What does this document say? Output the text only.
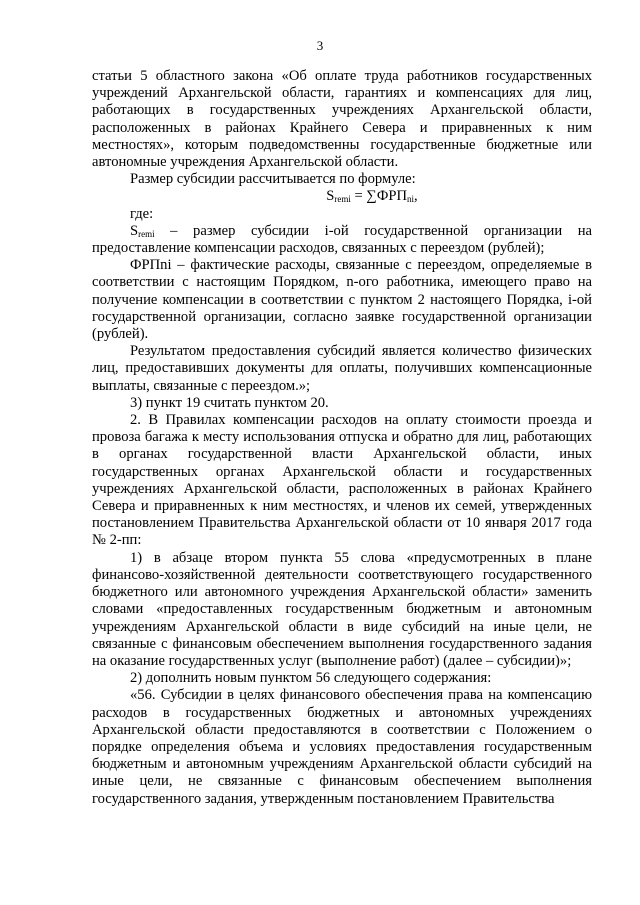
3

статьи 5 областного закона «Об оплате труда работников государственных учреждений Архангельской области, гарантиях и компенсациях для лиц, работающих в государственных учреждениях Архангельской области, расположенных в районах Крайнего Севера и приравненных к ним местностях», которым подведомственны государственные бюджетные или автономные учреждения Архангельской области.

Размер субсидии рассчитывается по формуле:

$S_{remi} = \sum ФРП_{ni}$,

где:

$S_{remi}$ – размер субсидии i-ой государственной организации на предоставление компенсации расходов, связанных с переездом (рублей);

ФРПni – фактические расходы, связанные с переездом, определяемые в соответствии с настоящим Порядком, n-ого работника, имеющего право на получение компенсации в соответствии с пунктом 2 настоящего Порядка, i-ой государственной организации, согласно заявке государственной организации (рублей).

Результатом предоставления субсидий является количество физических лиц, предоставивших документы для оплаты, получивших компенсационные выплаты, связанные с переездом.»;

3) пункт 19 считать пунктом 20.

2. В Правилах компенсации расходов на оплату стоимости проезда и провоза багажа к месту использования отпуска и обратно для лиц, работающих в органах государственной власти Архангельской области, иных государственных органах Архангельской области и государственных учреждениях Архангельской области, расположенных в районах Крайнего Севера и приравненных к ним местностях, и членов их семей, утвержденных постановлением Правительства Архангельской области от 10 января 2017 года № 2-пп:

1) в абзаце втором пункта 55 слова «предусмотренных в плане финансово-хозяйственной деятельности соответствующего государственного бюджетного или автономного учреждения Архангельской области» заменить словами «предоставленных государственным бюджетным и автономным учреждениям Архангельской области в виде субсидий на иные цели, не связанные с финансовым обеспечением выполнения государственного задания на оказание государственных услуг (выполнение работ) (далее – субсидии)»;

2) дополнить новым пунктом 56 следующего содержания:

«56. Субсидии в целях финансового обеспечения права на компенсацию расходов в государственных бюджетных и автономных учреждениях Архангельской области предоставляются в соответствии с Положением о порядке определения объема и условиях предоставления государственным бюджетным и автономным учреждениям Архангельской области субсидий на иные цели, не связанные с финансовым обеспечением выполнения государственного задания, утвержденным постановлением Правительства
